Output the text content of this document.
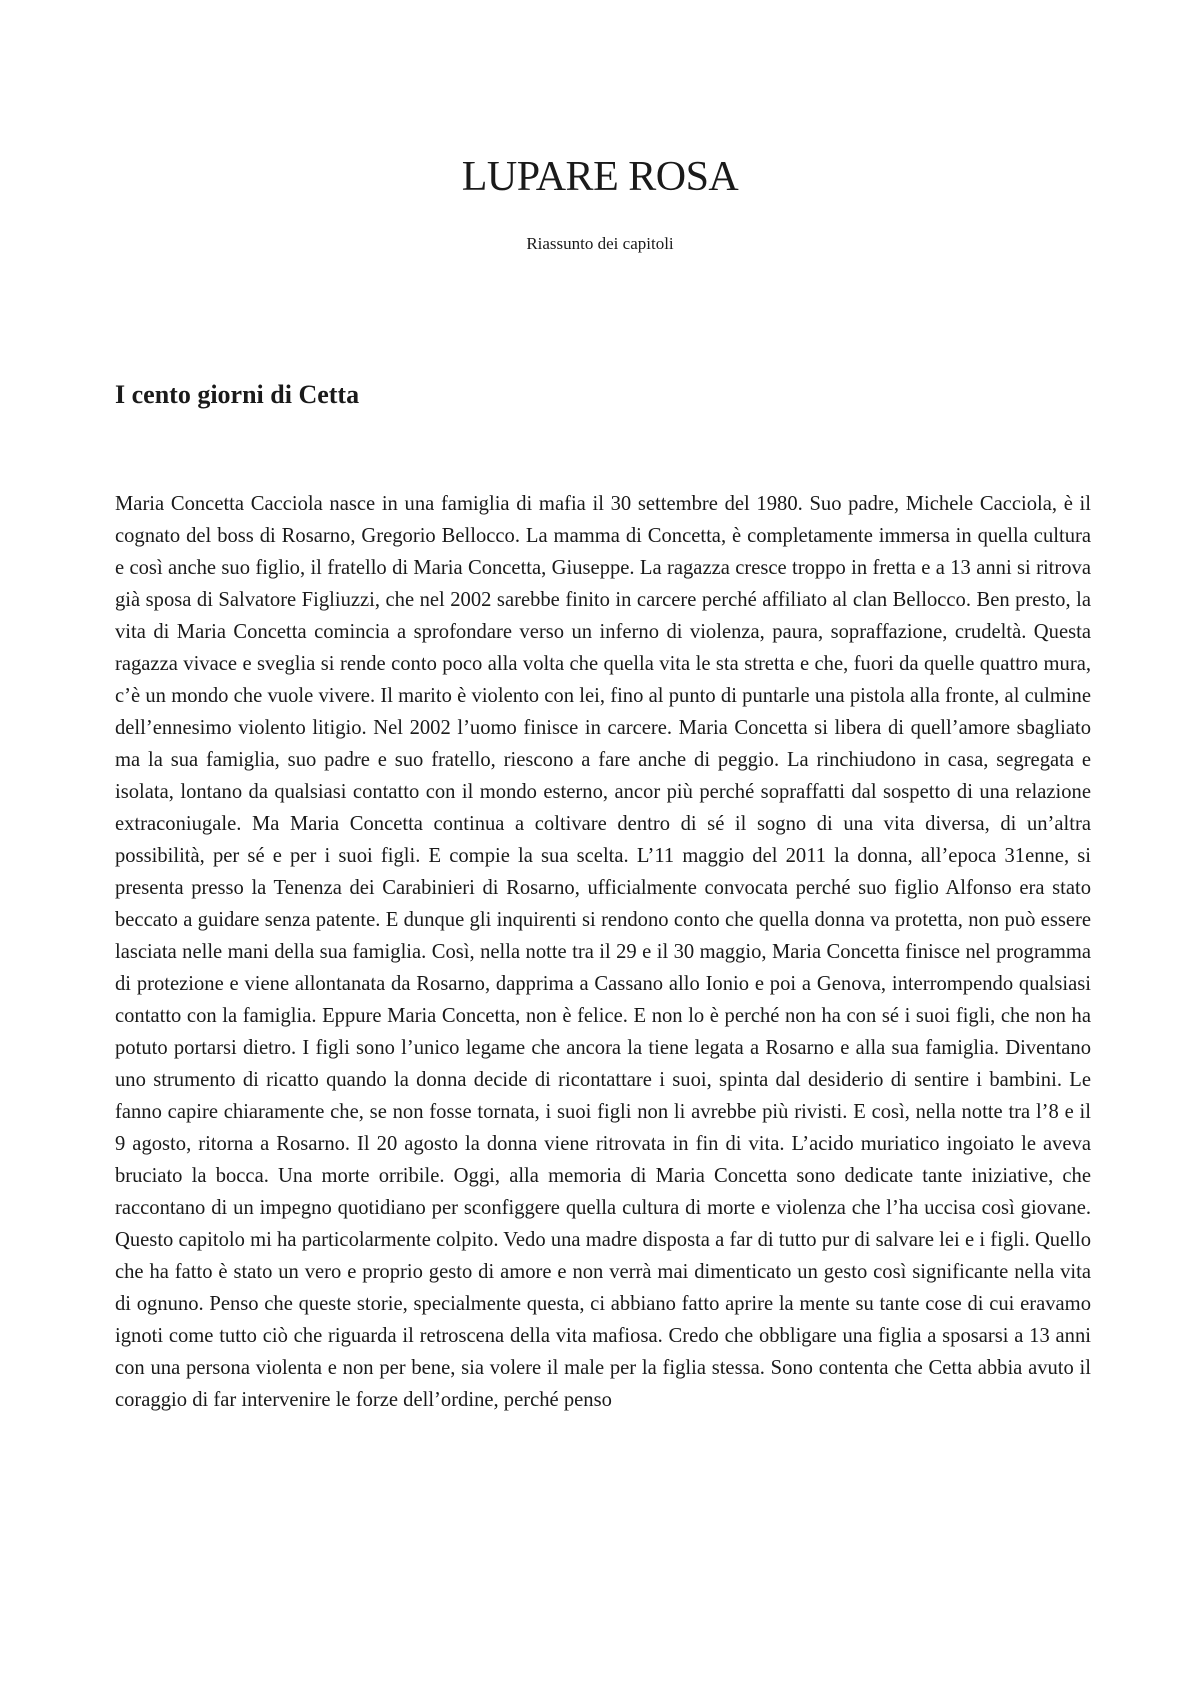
LUPARE ROSA

Riassunto dei capitoli

I cento giorni di Cetta

Maria Concetta Cacciola nasce in una famiglia di mafia il 30 settembre del 1980. Suo padre, Michele Cacciola, è il cognato del boss di Rosarno, Gregorio Bellocco. La mamma di Concetta, è completamente immersa in quella cultura e così anche suo figlio, il fratello di Maria Concetta, Giuseppe. La ragazza cresce troppo in fretta e a 13 anni si ritrova già sposa di Salvatore Figliuzzi, che nel 2002 sarebbe finito in carcere perché affiliato al clan Bellocco. Ben presto, la vita di Maria Concetta comincia a sprofondare verso un inferno di violenza, paura, sopraffazione, crudeltà. Questa ragazza vivace e sveglia si rende conto poco alla volta che quella vita le sta stretta e che, fuori da quelle quattro mura, c’è un mondo che vuole vivere. Il marito è violento con lei, fino al punto di puntarle una pistola alla fronte, al culmine dell’ennesimo violento litigio. Nel 2002 l’uomo finisce in carcere. Maria Concetta si libera di quell’amore sbagliato ma la sua famiglia, suo padre e suo fratello, riescono a fare anche di peggio. La rinchiudono in casa, segregata e isolata, lontano da qualsiasi contatto con il mondo esterno, ancor più perché sopraffatti dal sospetto di una relazione extraconiugale. Ma Maria Concetta continua a coltivare dentro di sé il sogno di una vita diversa, di un’altra possibilità, per sé e per i suoi figli. E compie la sua scelta. L’11 maggio del 2011 la donna, all’epoca 31enne, si presenta presso la Tenenza dei Carabinieri di Rosarno, ufficialmente convocata perché suo figlio Alfonso era stato beccato a guidare senza patente. E dunque gli inquirenti si rendono conto che quella donna va protetta, non può essere lasciata nelle mani della sua famiglia. Così, nella notte tra il 29 e il 30 maggio, Maria Concetta finisce nel programma di protezione e viene allontanata da Rosarno, dapprima a Cassano allo Ionio e poi a Genova, interrompendo qualsiasi contatto con la famiglia. Eppure Maria Concetta, non è felice. E non lo è perché non ha con sé i suoi figli, che non ha potuto portarsi dietro. I figli sono l’unico legame che ancora la tiene legata a Rosarno e alla sua famiglia. Diventano uno strumento di ricatto quando la donna decide di ricontattare i suoi, spinta dal desiderio di sentire i bambini. Le fanno capire chiaramente che, se non fosse tornata, i suoi figli non li avrebbe più rivisti. E così, nella notte tra l’8 e il 9 agosto, ritorna a Rosarno. Il 20 agosto la donna viene ritrovata in fin di vita. L’acido muriatico ingoiato le aveva bruciato la bocca. Una morte orribile. Oggi, alla memoria di Maria Concetta sono dedicate tante iniziative, che raccontano di un impegno quotidiano per sconfiggere quella cultura di morte e violenza che l’ha uccisa così giovane. Questo capitolo mi ha particolarmente colpito. Vedo una madre disposta a far di tutto pur di salvare lei e i figli. Quello che ha fatto è stato un vero e proprio gesto di amore e non verrà mai dimenticato un gesto così significante nella vita di ognuno. Penso che queste storie, specialmente questa, ci abbiano fatto aprire la mente su tante cose di cui eravamo ignoti come tutto ciò che riguarda il retroscena della vita mafiosa. Credo che obbligare una figlia a sposarsi a 13 anni con una persona violenta e non per bene, sia volere il male per la figlia stessa. Sono contenta che Cetta abbia avuto il coraggio di far intervenire le forze dell’ordine, perché penso
